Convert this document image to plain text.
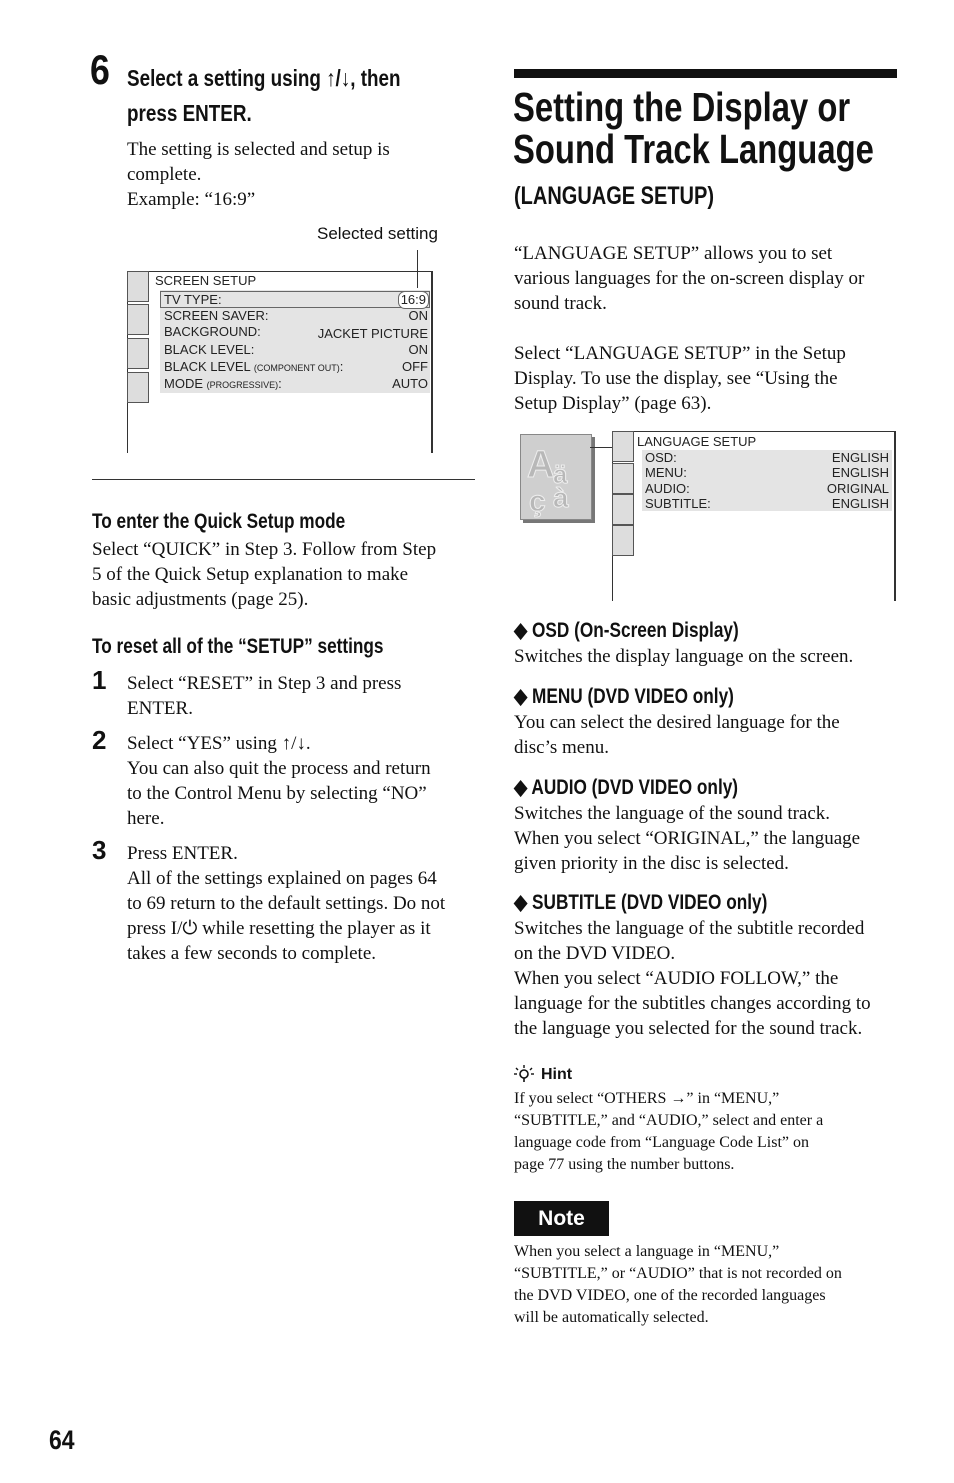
6 Select a setting using ↑/↓, then
press ENTER.
The setting is selected and setup is
complete.
Example: “16:9”
Selected setting
SCREEN SETUP
TV TYPE:	16:9
SCREEN SAVER:	ON
BACKGROUND:	JACKET PICTURE
BLACK LEVEL:	ON
BLACK LEVEL (COMPONENT OUT):	OFF
MODE (PROGRESSIVE):	AUTO
To enter the Quick Setup mode
Select “QUICK” in Step 3. Follow from Step
5 of the Quick Setup explanation to make
basic adjustments (page 25).
To reset all of the “SETUP” settings
1 Select “RESET” in Step 3 and press
ENTER.
2 Select “YES” using ↑/↓.
You can also quit the process and return
to the Control Menu by selecting “NO”
here.
3 Press ENTER.
All of the settings explained on pages 64
to 69 return to the default settings. Do not
press I/⏻ while resetting the player as it
takes a few seconds to complete.
64
Setting the Display or
Sound Track Language
(LANGUAGE SETUP)
“LANGUAGE SETUP” allows you to set
various languages for the on-screen display or
sound track.
Select “LANGUAGE SETUP” in the Setup
Display. To use the display, see “Using the
Setup Display” (page 63).
A
ä
ç à
LANGUAGE SETUP
OSD:	ENGLISH
MENU:	ENGLISH
AUDIO:	ORIGINAL
SUBTITLE:	ENGLISH
◆ OSD (On-Screen Display)
Switches the display language on the screen.
◆ MENU (DVD VIDEO only)
You can select the desired language for the
disc’s menu.
◆ AUDIO (DVD VIDEO only)
Switches the language of the sound track.
When you select “ORIGINAL,” the language
given priority in the disc is selected.
◆ SUBTITLE (DVD VIDEO only)
Switches the language of the subtitle recorded
on the DVD VIDEO.
When you select “AUDIO FOLLOW,” the
language for the subtitles changes according to
the language you selected for the sound track.
Hint
If you select “OTHERS →” in “MENU,”
“SUBTITLE,” and “AUDIO,” select and enter a
language code from “Language Code List” on
page 77 using the number buttons.
Note
When you select a language in “MENU,”
“SUBTITLE,” or “AUDIO” that is not recorded on
the DVD VIDEO, one of the recorded languages
will be automatically selected.
